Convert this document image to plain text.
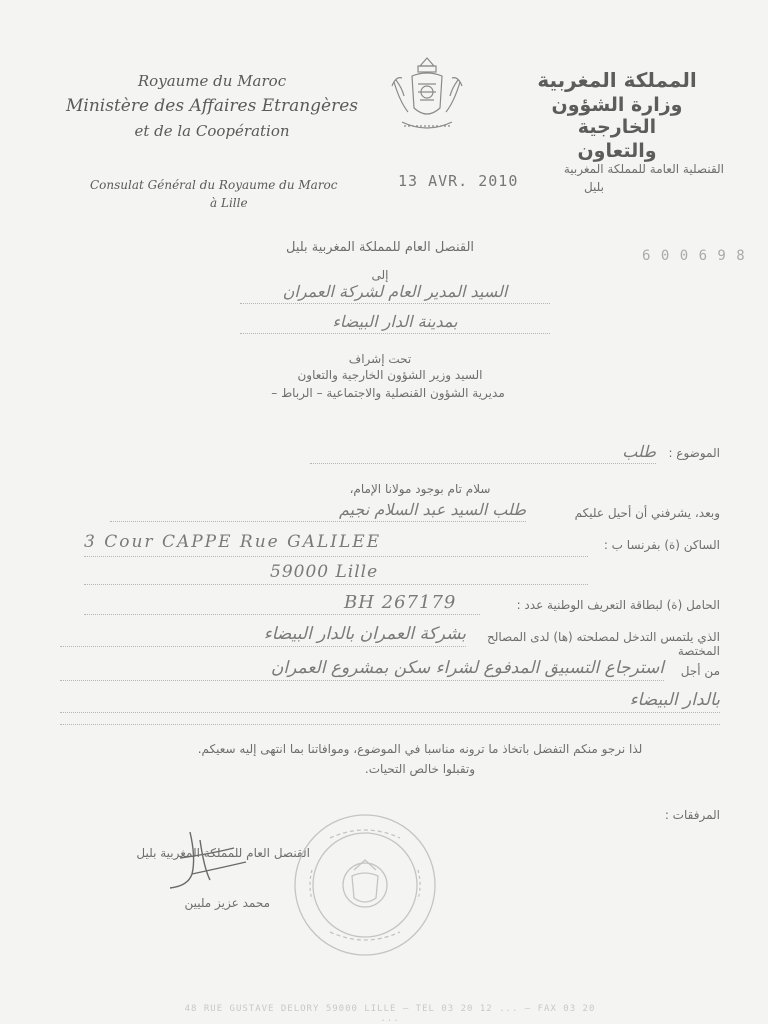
Royaume du Maroc
Ministère des Affaires Etrangères
et de la Coopération
Consulat Général du Royaume du Maroc
à Lille
13 AVR. 2010
المملكة المغربية
وزارة الشؤون الخارجية
والتعاون
القنصلية العامة للمملكة المغربية
بليل
6 0 0 6 9 8
القنصل العام للمملكة المغربية بليل
إلى
السيد المدير العام لشركة العمران
بمدينة الدار البيضاء
تحت إشراف
السيد وزير الشؤون الخارجية والتعاون
مديرية الشؤون القنصلية والاجتماعية – الرباط –
الموضوع :
طلب
سلام تام بوجود مولانا الإمام،
وبعد، يشرفني أن أحيل عليكم
طلب السيد عبد السلام نجيم
الساكن (ة) بفرنسا ب :
3 Cour CAPPE Rue GALILEE
59000 Lille
الحامل (ة) لبطاقة التعريف الوطنية عدد :
BH 267179
الذي يلتمس التدخل لمصلحته (ها) لدى المصالح المختصة
بشركة العمران بالدار البيضاء
من أجل
استرجاع التسبيق المدفوع لشراء سكن بمشروع العمران
بالدار البيضاء
لذا نرجو منكم التفضل باتخاذ ما ترونه مناسبا في الموضوع، وموافاتنا بما انتهى إليه سعيكم.
وتقبلوا خالص التحيات.
المرفقات :
القنصل العام للمملكة المغربية بليل
محمد عزيز مليين
48 RUE GUSTAVE DELORY 59000 LILLE – TEL 03 20 12 ... – FAX 03 20 ...
